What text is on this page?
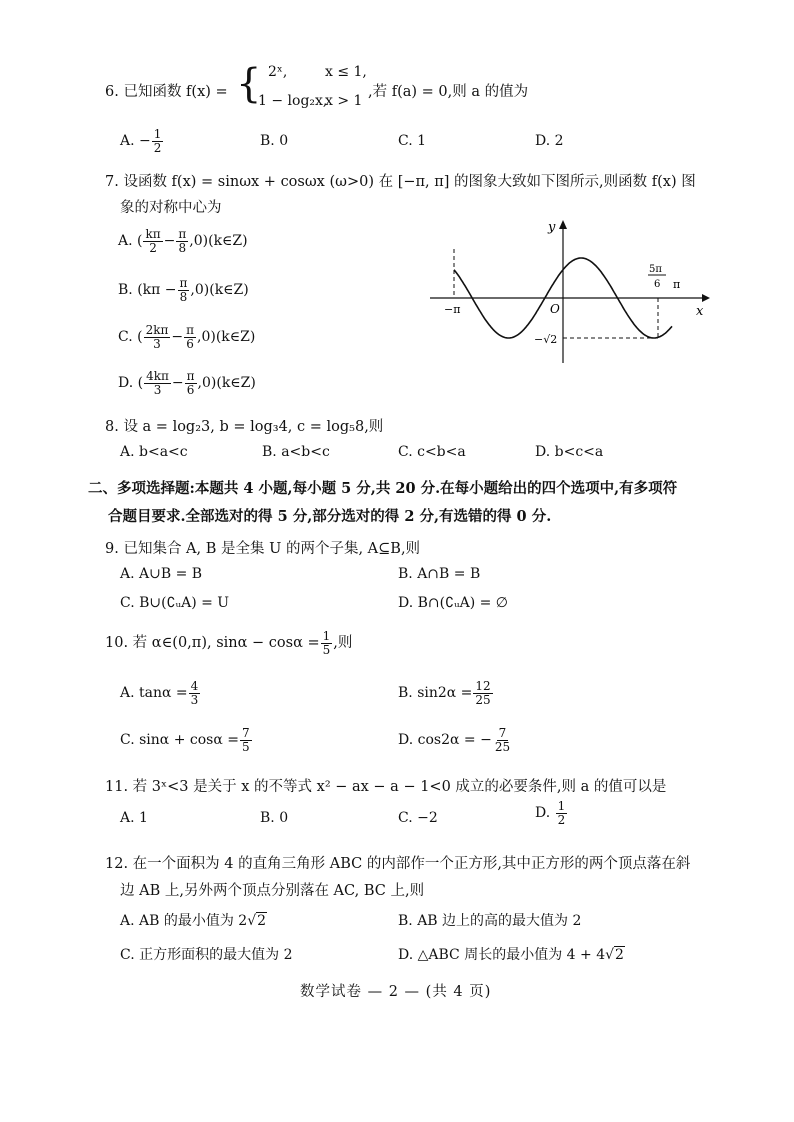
6. 已知函数 f(x) = { 2ˣ,	x ≤ 1,
1 − log₂x,
x > 1
,若 f(a) = 0,则 a 的值为
A. − $\frac{1}{2}$	B. 0	C. 1	D. 2
7. 设函数 f(x) = sinωx + cosωx (ω>0) 在 [−π, π] 的图象大致如下图所示,则函数 f(x) 图
象的对称中心为
A. ( $\frac{k\pi}{2} - \frac{\pi}{8}$ ,0)(k∈Z)
B. ($k\pi - \frac{\pi}{8}$ ,0)(k∈Z)
C. ( $\frac{2k\pi}{3} - \frac{\pi}{6}$ ,0)(k∈Z)
D. ( $\frac{4k\pi}{3} - \frac{\pi}{6}$ ,0)(k∈Z)
y
x
O
−π
π
5π
6
−√2
8. 设 a = log₂3, b = log₃4, c = log₅8,则
A. b<a<c	B. a<b<c	C. c<b<a	D. b<c<a
二、多项选择题:本题共 4 小题,每小题 5 分,共 20 分.在每小题给出的四个选项中,有多项符
合题目要求.全部选对的得 5 分,部分选对的得 2 分,有选错的得 0 分.
9. 已知集合 A, B 是全集 U 的两个子集, A⊆B,则
A. A∪B = B	B. A∩B = B
C. B∪(∁ᵤA) = U	D. B∩(∁ᵤA) = ∅
10. 若 α∈(0,π), $\sin\alpha - \cos\alpha = \frac{1}{5}$ ,则
A. $\tan\alpha = \frac{4}{3}$	B. $\sin 2\alpha = \frac{12}{25}$
C. $\sin\alpha + \cos\alpha = \frac{7}{5}$	D. cos2α = − $\frac{7}{25}$
11. 若 3ˣ<3 是关于 x 的不等式 x² − ax − a − 1<0 成立的必要条件,则 a 的值可以是
A. 1	B. 0	C. −2	D. $\frac{1}{2}$
12. 在一个面积为 4 的直角三角形 ABC 的内部作一个正方形,其中正方形的两个顶点落在斜
边 AB 上,另外两个顶点分别落在 AC, BC 上,则
A. AB 的最小值为 2√2	B. AB 边上的高的最大值为 2
C. 正方形面积的最大值为 2	D. △ABC 周长的最小值为 4 + 4√2
数学试卷 — 2 — (共 4 页)
